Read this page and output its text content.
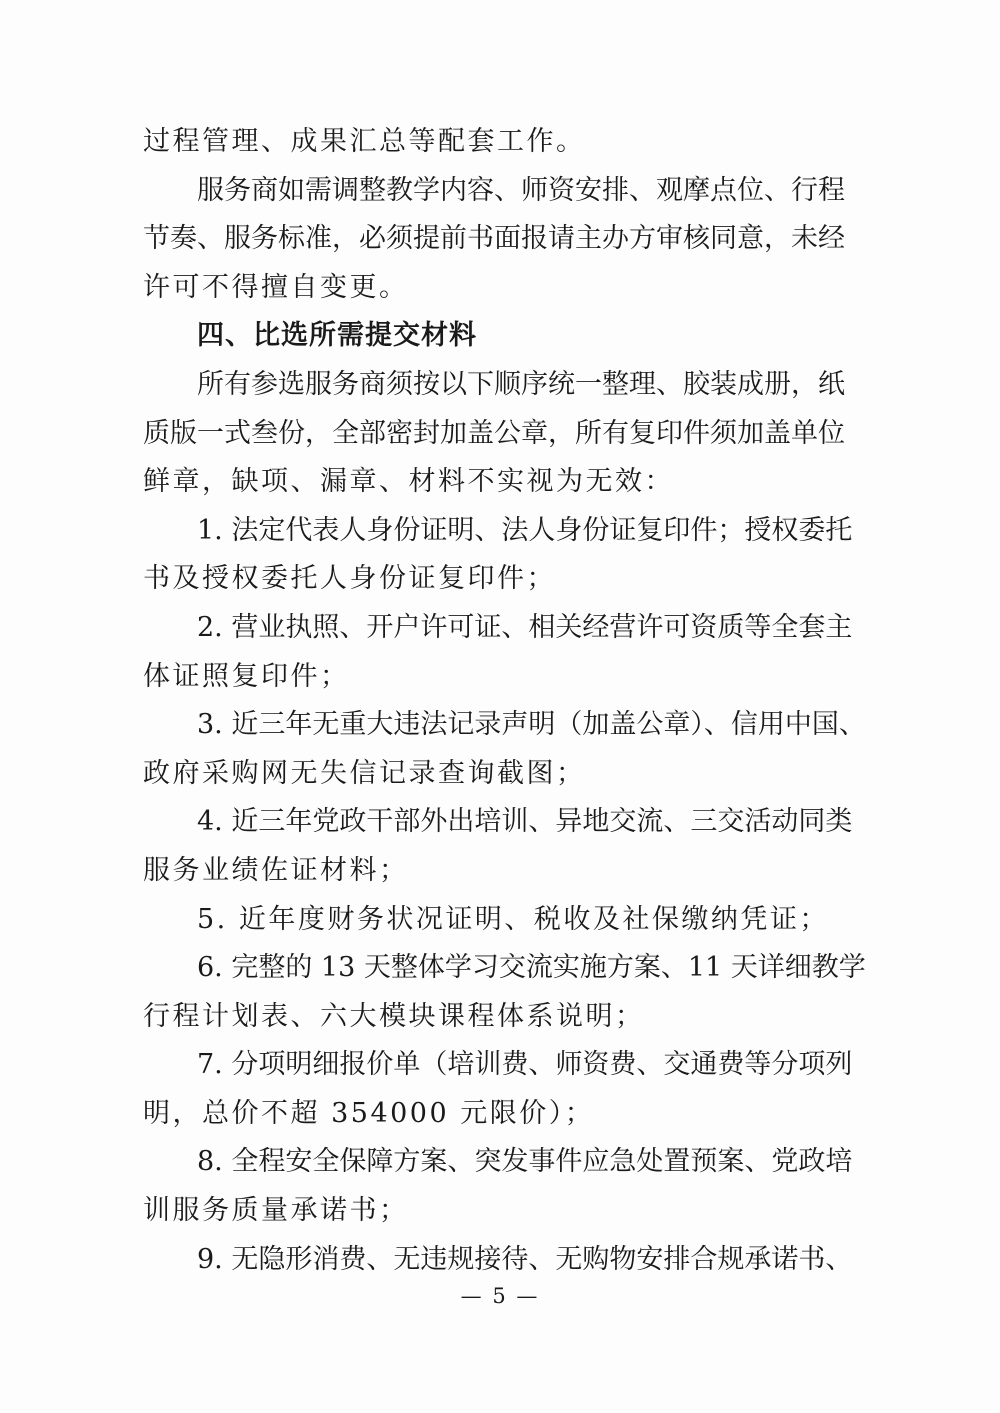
过程管理、成果汇总等配套工作。
服务商如需调整教学内容、师资安排、观摩点位、行程
节奏、服务标准，必须提前书面报请主办方审核同意，未经
许可不得擅自变更。
四、比选所需提交材料
所有参选服务商须按以下顺序统一整理、胶装成册，纸
质版一式叁份，全部密封加盖公章，所有复印件须加盖单位
鲜章，缺项、漏章、材料不实视为无效：
1. 法定代表人身份证明、法人身份证复印件；授权委托
书及授权委托人身份证复印件；
2. 营业执照、开户许可证、相关经营许可资质等全套主
体证照复印件；
3. 近三年无重大违法记录声明（加盖公章）、信用中国、
政府采购网无失信记录查询截图；
4. 近三年党政干部外出培训、异地交流、三交活动同类
服务业绩佐证材料；
5. 近年度财务状况证明、税收及社保缴纳凭证；
6. 完整的 13 天整体学习交流实施方案、11 天详细教学
行程计划表、六大模块课程体系说明；
7. 分项明细报价单（培训费、师资费、交通费等分项列
明，总价不超 354000 元限价）；
8. 全程安全保障方案、突发事件应急处置预案、党政培
训服务质量承诺书；
9. 无隐形消费、无违规接待、无购物安排合规承诺书、
— 5 —
